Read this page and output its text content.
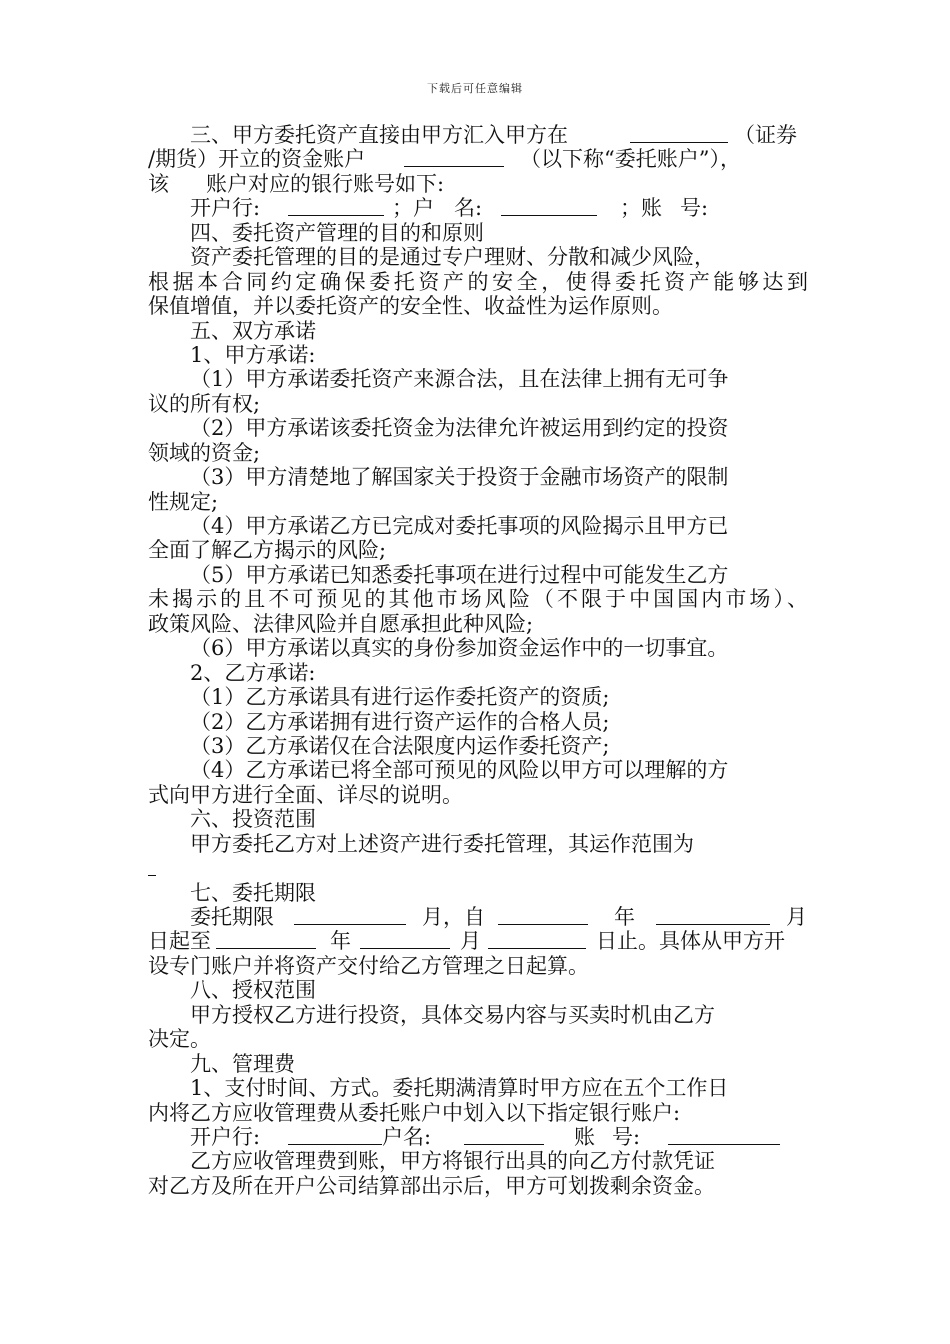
下载后可任意编辑
三、甲方委托资产直接由甲方汇入甲方在	（证券
/期货）开立的资金账户	（以下称“委托账户”），
该 账户对应的银行账号如下:
开户行:	；户 名:	；账 号:
四、委托资产管理的目的和原则
资产委托管理的目的是通过专户理财、分散和减少风险，
根据本合同约定确保委托资产的安全，使得委托资产能够达到
保值增值，并以委托资产的安全性、收益性为运作原则。
五、双方承诺
1、甲方承诺:
（1）甲方承诺委托资产来源合法，且在法律上拥有无可争
议的所有权;
（2）甲方承诺该委托资金为法律允许被运用到约定的投资
领域的资金;
（3）甲方清楚地了解国家关于投资于金融市场资产的限制
性规定;
（4）甲方承诺乙方已完成对委托事项的风险揭示且甲方已
全面了解乙方揭示的风险;
（5）甲方承诺已知悉委托事项在进行过程中可能发生乙方
未揭示的且不可预见的其他市场风险（不限于中国国内市场）、
政策风险、法律风险并自愿承担此种风险;
（6）甲方承诺以真实的身份参加资金运作中的一切事宜。
2、乙方承诺:
（1）乙方承诺具有进行运作委托资产的资质;
（2）乙方承诺拥有进行资产运作的合格人员;
（3）乙方承诺仅在合法限度内运作委托资产;
（4）乙方承诺已将全部可预见的风险以甲方可以理解的方
式向甲方进行全面、详尽的说明。
六、投资范围
甲方委托乙方对上述资产进行委托管理，其运作范围为
七、委托期限
委托期限	月，自	年	月
日起至	年	月	日止。具体从甲方开
设专门账户并将资产交付给乙方管理之日起算。
八、授权范围
甲方授权乙方进行投资，具体交易内容与买卖时机由乙方
决定。
九、管理费
1、支付时间、方式。委托期满清算时甲方应在五个工作日
内将乙方应收管理费从委托账户中划入以下指定银行账户:
开户行:	户名:	账 号:
乙方应收管理费到账，甲方将银行出具的向乙方付款凭证
对乙方及所在开户公司结算部出示后，甲方可划拨剩余资金。
